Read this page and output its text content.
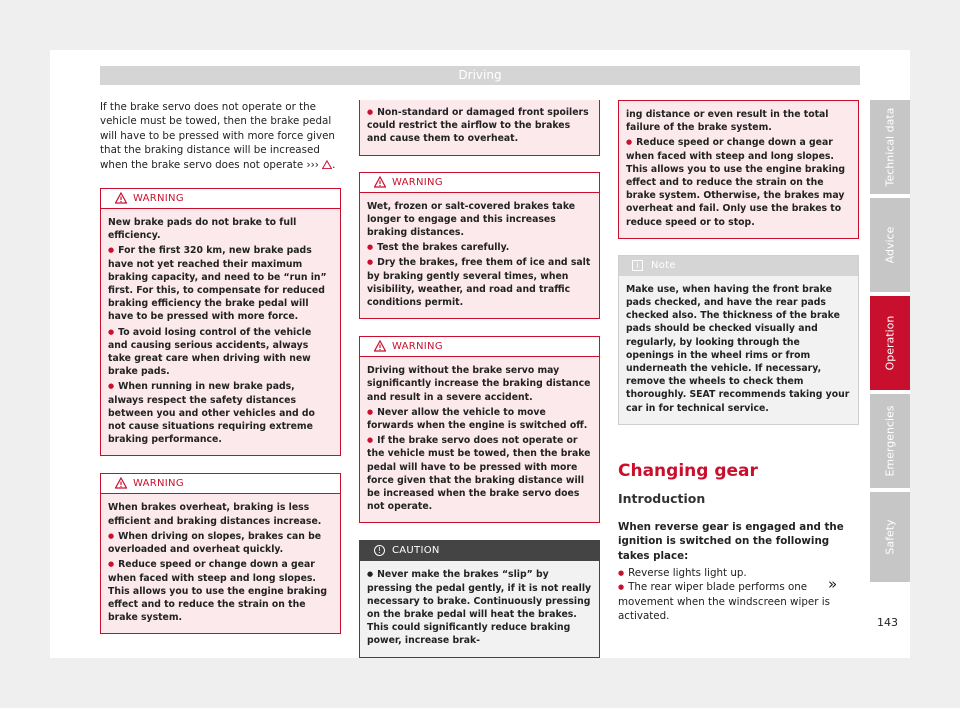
Driving

If the brake servo does not operate or the vehicle must be towed, then the brake pedal will have to be pressed with more force given that the braking distance will be increased when the brake servo does not operate ››› .

WARNING

New brake pads do not brake to full efficiency.

● For the first 320 km, new brake pads have not yet reached their maximum braking capacity, and need to be “run in” first. For this, to compensate for reduced braking efficiency the brake pedal will have to be pressed with more force.

● To avoid losing control of the vehicle and causing serious accidents, always take great care when driving with new brake pads.

● When running in new brake pads, always respect the safety distances between you and other vehicles and do not cause situations requiring extreme braking performance.

WARNING

When brakes overheat, braking is less efficient and braking distances increase.

● When driving on slopes, brakes can be overloaded and overheat quickly.

● Reduce speed or change down a gear when faced with steep and long slopes. This allows you to use the engine braking effect and to reduce the strain on the brake system.

● Non-standard or damaged front spoilers could restrict the airflow to the brakes and cause them to overheat.

WARNING

Wet, frozen or salt-covered brakes take longer to engage and this increases braking distances.

● Test the brakes carefully.

● Dry the brakes, free them of ice and salt by braking gently several times, when visibility, weather, and road and traffic conditions permit.

WARNING

Driving without the brake servo may significantly increase the braking distance and result in a severe accident.

● Never allow the vehicle to move forwards when the engine is switched off.

● If the brake servo does not operate or the vehicle must be towed, then the brake pedal will have to be pressed with more force given that the braking distance will be increased when the brake servo does not operate.

!	CAUTION

● Never make the brakes “slip” by pressing the pedal gently, if it is not really necessary to brake. Continuously pressing on the brake pedal will heat the brakes. This could significantly reduce braking power, increase brak-

ing distance or even result in the total failure of the brake system.

● Reduce speed or change down a gear when faced with steep and long slopes. This allows you to use the engine braking effect and to reduce the strain on the brake system. Otherwise, the brakes may overheat and fail. Only use the brakes to reduce speed or to stop.

i	Note

Make use, when having the front brake pads checked, and have the rear pads checked also. The thickness of the brake pads should be checked visually and regularly, by looking through the openings in the wheel rims or from underneath the vehicle. If necessary, remove the wheels to check them thoroughly. SEAT recommends taking your car in for technical service.

Changing gear
Introduction

When reverse gear is engaged and the ignition is switched on the following takes place:

● Reverse lights light up.

● The rear wiper blade performs one movement when the windscreen wiper is activated.

»
Technical data
Advice
Operation
Emergencies
Safety
143
